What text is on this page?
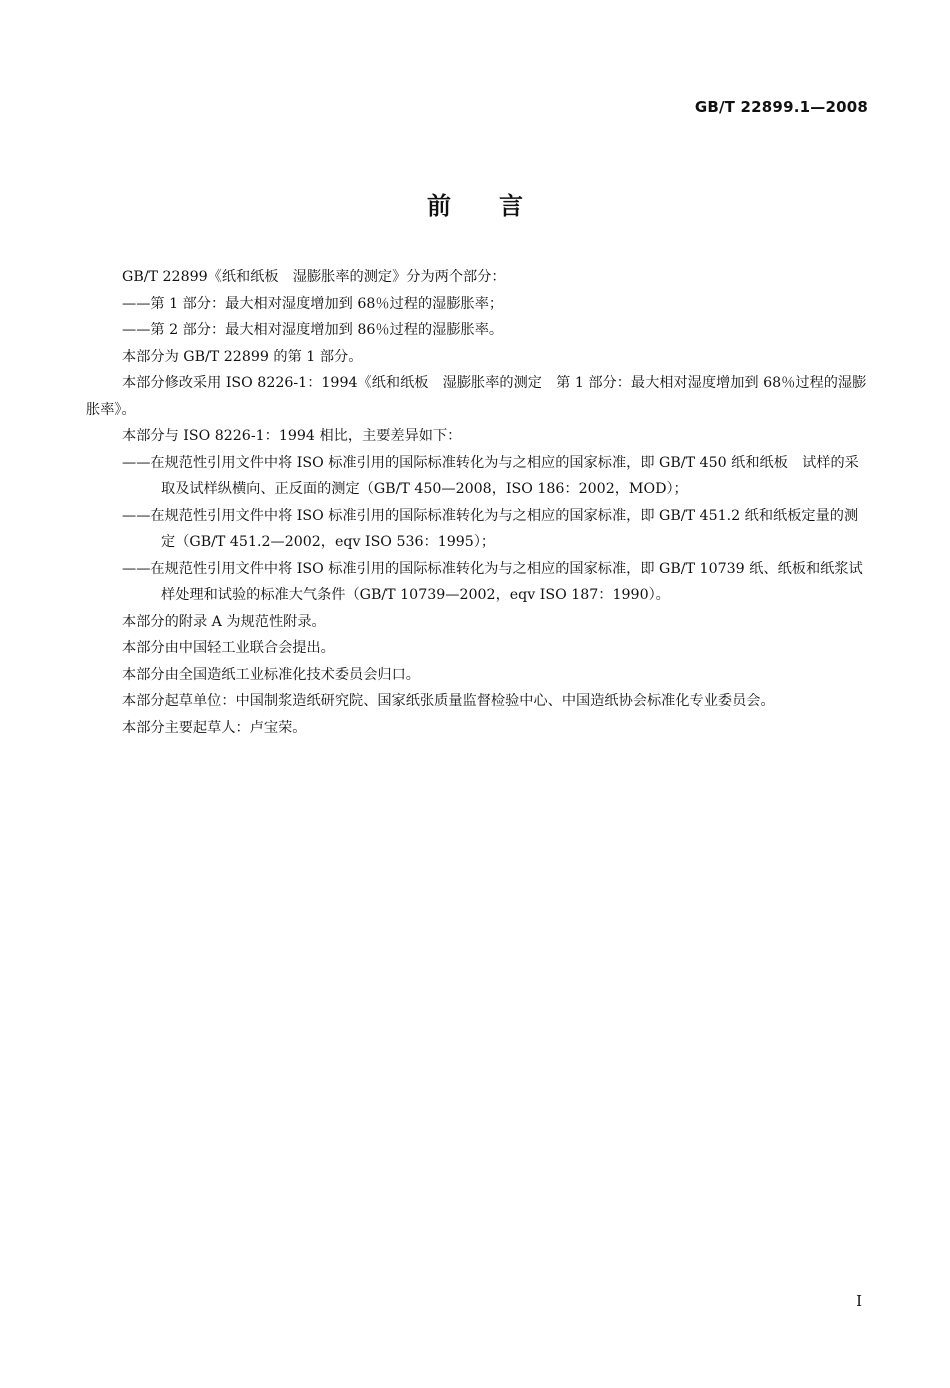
GB/T 22899.1—2008
前言

GB/T 22899《纸和纸板　湿膨胀率的测定》分为两个部分：

——第 1 部分：最大相对湿度增加到 68％过程的湿膨胀率；

——第 2 部分：最大相对湿度增加到 86％过程的湿膨胀率。

本部分为 GB/T 22899 的第 1 部分。

本部分修改采用 ISO 8226-1：1994《纸和纸板　湿膨胀率的测定　第 1 部分：最大相对湿度增加到 68％过程的湿膨胀率》。

本部分与 ISO 8226-1：1994 相比，主要差异如下：

——在规范性引用文件中将 ISO 标准引用的国际标准转化为与之相应的国家标准，即 GB/T 450 纸和纸板　试样的采取及试样纵横向、正反面的测定（GB/T 450—2008，ISO 186：2002，MOD）；

——在规范性引用文件中将 ISO 标准引用的国际标准转化为与之相应的国家标准，即 GB/T 451.2 纸和纸板定量的测定（GB/T 451.2—2002，eqv ISO 536：1995）；

——在规范性引用文件中将 ISO 标准引用的国际标准转化为与之相应的国家标准，即 GB/T 10739 纸、纸板和纸浆试样处理和试验的标准大气条件（GB/T 10739—2002，eqv ISO 187：1990）。

本部分的附录 A 为规范性附录。

本部分由中国轻工业联合会提出。

本部分由全国造纸工业标准化技术委员会归口。

本部分起草单位：中国制浆造纸研究院、国家纸张质量监督检验中心、中国造纸协会标准化专业委员会。

本部分主要起草人：卢宝荣。

I
